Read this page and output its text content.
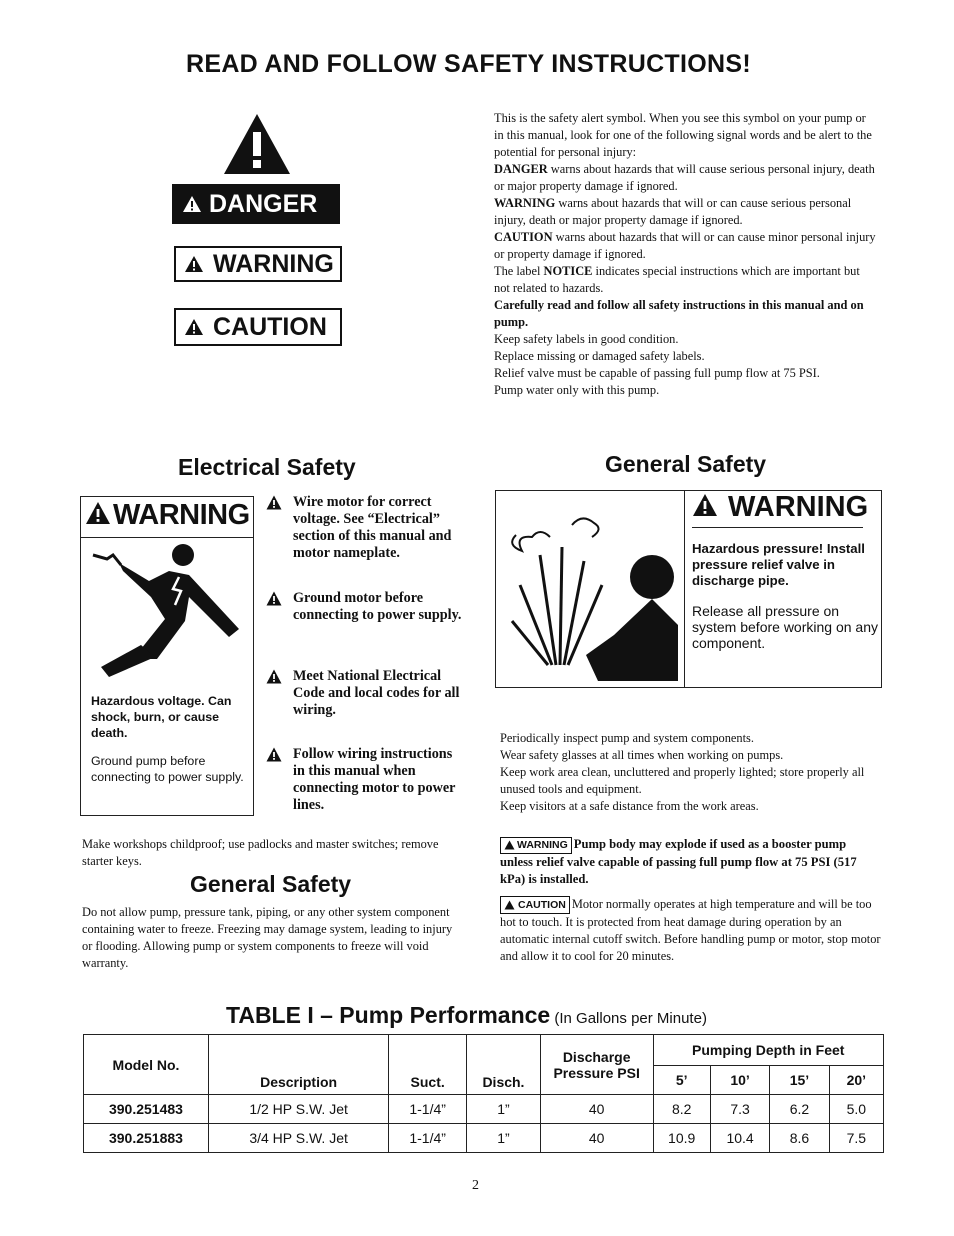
READ AND FOLLOW SAFETY INSTRUCTIONS!
DANGER
WARNING
CAUTION

This is the safety alert symbol. When you see this symbol on your pump or in this manual, look for one of the following signal words and be alert to the potential for personal injury:

DANGER warns about hazards that will cause serious personal injury, death or major property damage if ignored.

WARNING warns about hazards that will or can cause serious personal injury, death or major property damage if ignored.

CAUTION warns about hazards that will or can cause minor personal injury or property damage if ignored.

The label NOTICE indicates special instructions which are important but not related to hazards.

Carefully read and follow all safety instructions in this manual and on pump.

Keep safety labels in good condition.

Replace missing or damaged safety labels.

Relief valve must be capable of passing full pump flow at 75 PSI.

Pump water only with this pump.

Electrical Safety	General Safety
WARNING
Hazardous voltage. Can shock, burn, or cause death.
Ground pump before connecting to power supply.
Wire motor for correct voltage. See “Electrical” section of this manual and motor nameplate.
Ground motor before connecting to power supply.
Meet National Electrical Code and local codes for all wiring.
Follow wiring instructions in this manual when connecting motor to power lines.
WARNING
Hazardous pressure! Install pressure relief valve in discharge pipe.
Release all pressure on system before working on any component.

Periodically inspect pump and system components.

Wear safety glasses at all times when working on pumps.

Keep work area clean, uncluttered and properly lighted; store properly all unused tools and equipment.

Keep visitors at a safe distance from the work areas.

Make workshops childproof; use padlocks and master switches; remove starter keys.
General Safety
Do not allow pump, pressure tank, piping, or any other system component containing water to freeze. Freezing may damage system, leading to injury or flooding. Allowing pump or system components to freeze will void warranty.
WARNING Pump body may explode if used as a booster pump unless relief valve capable of passing full pump flow at 75 PSI (517 kPa) is installed.
CAUTION Motor normally operates at high temperature and will be too hot to touch. It is protected from heat damage during operation by an automatic internal cutoff switch. Before handling pump or motor, stop motor and allow it to cool for 20 minutes.
TABLE I – Pump Performance (In Gallons per Minute)
Model No.	Description	Suct.	Disch.	Discharge Pressure PSI	Pumping Depth in Feet			
					5’	10’	15’	20’
390.251483	1/2 HP S.W. Jet	1-1/4”	1”	40	8.2	7.3	6.2	5.0
390.251883	3/4 HP S.W. Jet	1-1/4”	1”	40	10.9	10.4	8.6	7.5
2
